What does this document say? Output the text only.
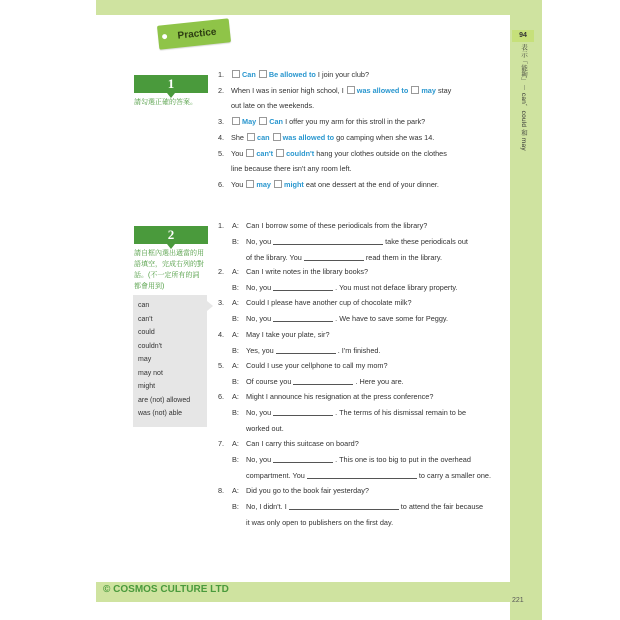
94
表示「能夠」－ can、could 和 may
Practice
1
請勾選正確的答案。
1.	Can Be allowed to I join your club?
2. When I was in senior high school, I was allowed to may stay
out late on the weekends.
3.	May Can I offer you my arm for this stroll in the park?
4. She can was allowed to go camping when she was 14.
5. You can't couldn't hang your clothes outside on the clothes
line because there isn't any room left.
6. You may might eat one dessert at the end of your dinner.
2
請自框內選出適當的用
語填空，完成右列的對
話。(不一定所有的詞
都會用到)
can
can't
could
couldn't
may
may not
might
are (not) allowed
was (not) able
1. A: Can I borrow some of these periodicals from the library?
B: No, you	take these periodicals out
of the library. You	read them in the library.
2. A: Can I write notes in the library books?
B: No, you	. You must not deface library property.
3. A: Could I please have another cup of chocolate milk?
B: No, you	. We have to save some for Peggy.
4. A: May I take your plate, sir?
B: Yes, you	. I'm finished.
5. A: Could I use your cellphone to call my mom?
B: Of course you	. Here you are.
6. A: Might I announce his resignation at the press conference?
B: No, you	. The terms of his dismissal remain to be
worked out.
7. A: Can I carry this suitcase on board?
B: No, you	. This one is too big to put in the overhead
compartment. You	to carry a smaller one.
8. A: Did you go to the book fair yesterday?
B: No, I didn't. I	to attend the fair because
it was only open to publishers on the first day.
© COSMOS CULTURE LTD
221
